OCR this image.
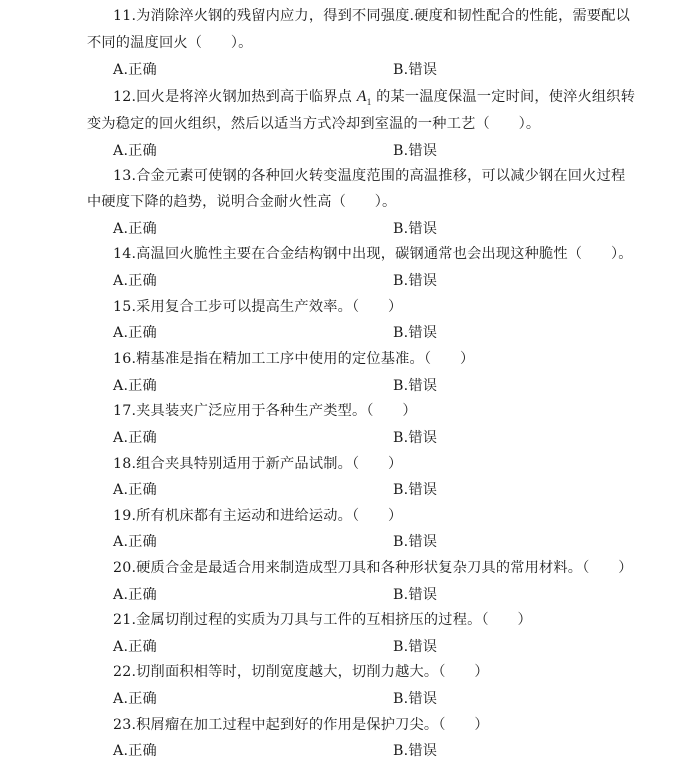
11.为消除淬火钢的残留内应力，得到不同强度.硬度和韧性配合的性能，需要配以
不同的温度回火（　　）。
A.正确	B.错误
12.回火是将淬火钢加热到高于临界点 $A_1$ 的某一温度保温一定时间，使淬火组织转
变为稳定的回火组织，然后以适当方式冷却到室温的一种工艺（　　）。
A.正确	B.错误
13.合金元素可使钢的各种回火转变温度范围的高温推移，可以减少钢在回火过程
中硬度下降的趋势，说明合金耐火性高（　　）。
A.正确	B.错误
14.高温回火脆性主要在合金结构钢中出现，碳钢通常也会出现这种脆性（　　）。
A.正确	B.错误
15.采用复合工步可以提高生产效率。（　　）
A.正确	B.错误
16.精基准是指在精加工工序中使用的定位基准。（　　）
A.正确	B.错误
17.夹具装夹广泛应用于各种生产类型。（　　）
A.正确	B.错误
18.组合夹具特别适用于新产品试制。（　　）
A.正确	B.错误
19.所有机床都有主运动和进给运动。（　　）
A.正确	B.错误
20.硬质合金是最适合用来制造成型刀具和各种形状复杂刀具的常用材料。（　　）
A.正确	B.错误
21.金属切削过程的实质为刀具与工件的互相挤压的过程。（　　）
A.正确	B.错误
22.切削面积相等时，切削宽度越大，切削力越大。（　　）
A.正确	B.错误
23.积屑瘤在加工过程中起到好的作用是保护刀尖。（　　）
A.正确	B.错误
